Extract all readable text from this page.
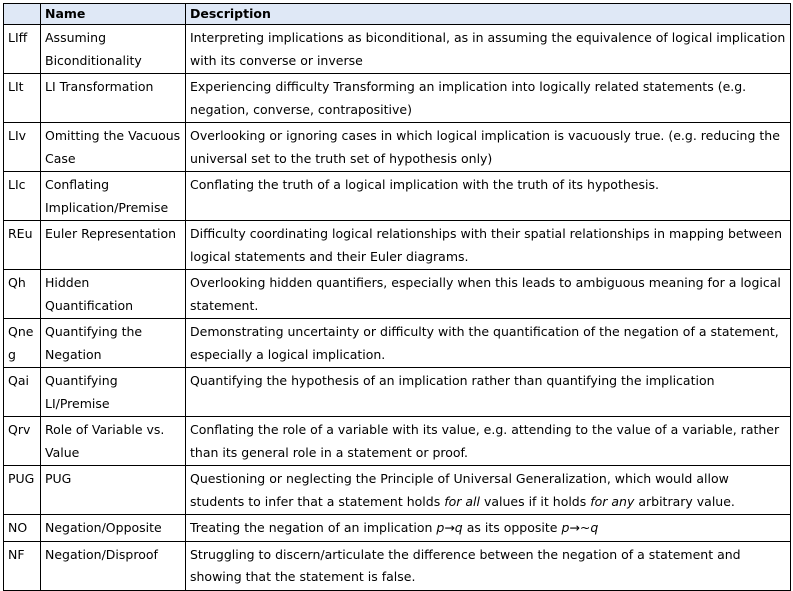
	Name	Description
LIff	Assuming Biconditionality	Interpreting implications as biconditional, as in assuming the equivalence of logical implication with its converse or inverse
LIt	LI Transformation	Experiencing difficulty Transforming an implication into logically related statements (e.g. negation, converse, contrapositive)
LIv	Omitting the Vacuous Case	Overlooking or ignoring cases in which logical implication is vacuously true. (e.g. reducing the universal set to the truth set of hypothesis only)
LIc	Conflating Implication/Premise	Conflating the truth of a logical implication with the truth of its hypothesis.
REu	Euler Representation	Difficulty coordinating logical relationships with their spatial relationships in mapping between logical statements and their Euler diagrams.
Qh	Hidden Quantification	Overlooking hidden quantifiers, especially when this leads to ambiguous meaning for a logical statement.
Qneg	Quantifying the Negation	Demonstrating uncertainty or difficulty with the quantification of the negation of a statement, especially a logical implication.
Qai	Quantifying LI/Premise	Quantifying the hypothesis of an implication rather than quantifying the implication
Qrv	Role of Variable vs. Value	Conflating the role of a variable with its value, e.g. attending to the value of a variable, rather than its general role in a statement or proof.
PUG	PUG	Questioning or neglecting the Principle of Universal Generalization, which would allow students to infer that a statement holds for all values if it holds for any arbitrary value.
NO	Negation/Opposite	Treating the negation of an implication p→q as its opposite p→~q
NF	Negation/Disproof	Struggling to discern/articulate the difference between the negation of a statement and showing that the statement is false.
